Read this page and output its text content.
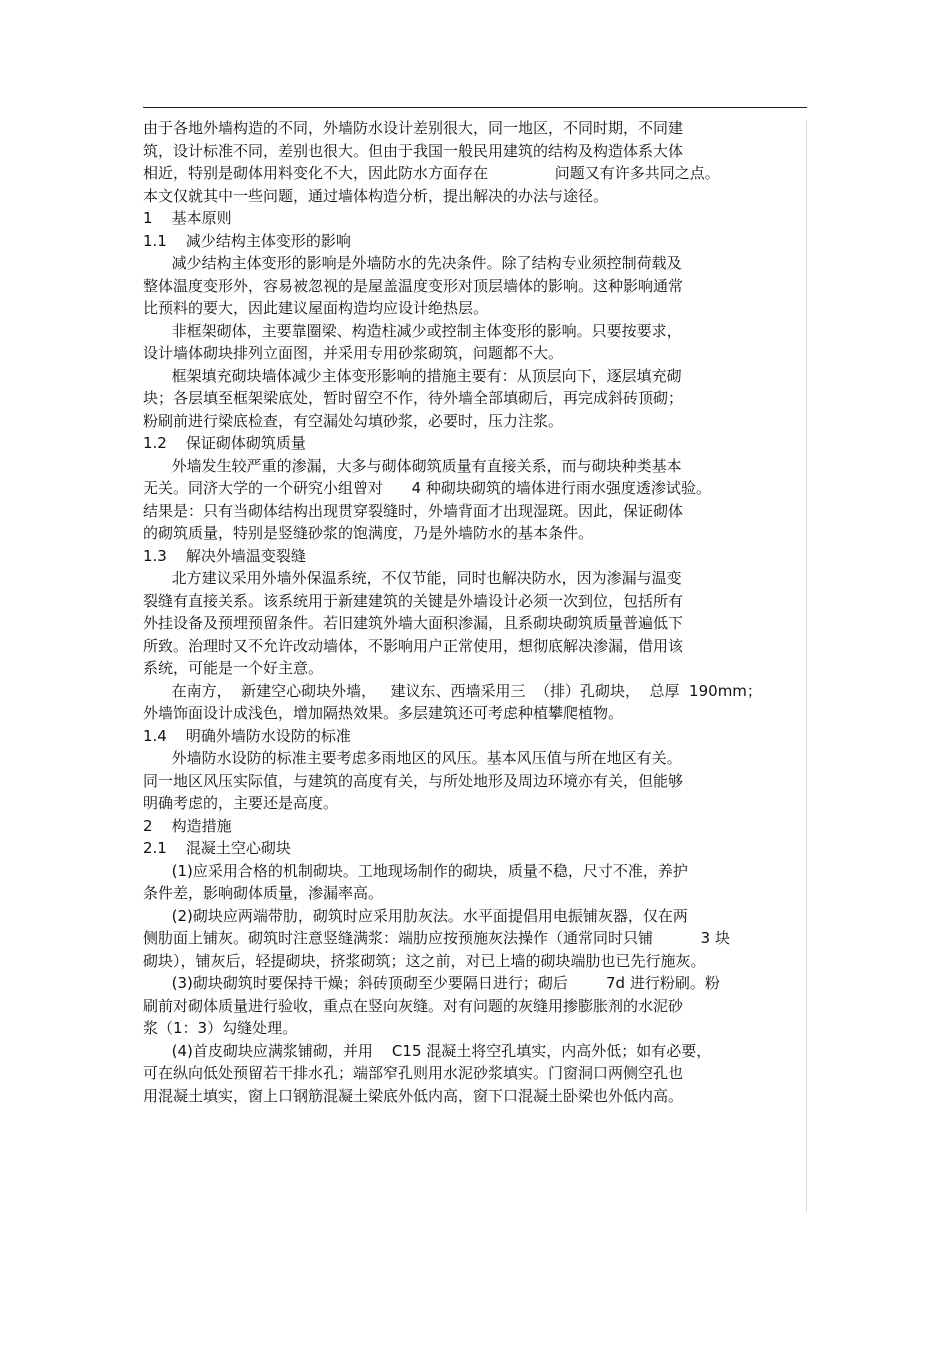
由于各地外墙构造的不同，外墙防水设计差别很大，同一地区，不同时期，不同建
筑，设计标准不同，差别也很大。但由于我国一般民用建筑的结构及构造体系大体
相近，特别是砌体用料变化不大，因此防水方面存在              问题又有许多共同之点。
本文仅就其中一些问题，通过墙体构造分析，提出解决的办法与途径。
1    基本原则
1.1    减少结构主体变形的影响
减少结构主体变形的影响是外墙防水的先决条件。除了结构专业须控制荷载及
整体温度变形外，容易被忽视的是屋盖温度变形对顶层墙体的影响。这种影响通常
比预料的要大，因此建议屋面构造均应设计绝热层。
非框架砌体，主要靠圈梁、构造柱减少或控制主体变形的影响。只要按要求，
设计墙体砌块排列立面图，并采用专用砂浆砌筑，问题都不大。
框架填充砌块墙体减少主体变形影响的措施主要有：从顶层向下，逐层填充砌
块；各层填至框架梁底处，暂时留空不作，待外墙全部填砌后，再完成斜砖顶砌；
粉刷前进行梁底检查，有空漏处勾填砂浆，必要时，压力注浆。
1.2    保证砌体砌筑质量
外墙发生较严重的渗漏，大多与砌体砌筑质量有直接关系，而与砌块种类基本
无关。同济大学的一个研究小组曾对      4 种砌块砌筑的墙体进行雨水强度透渗试验。
结果是：只有当砌体结构出现贯穿裂缝时，外墙背面才出现湿斑。因此，保证砌体
的砌筑质量，特别是竖缝砂浆的饱满度，乃是外墙防水的基本条件。
1.3    解决外墙温变裂缝
北方建议采用外墙外保温系统，不仅节能，同时也解决防水，因为渗漏与温变
裂缝有直接关系。该系统用于新建建筑的关键是外墙设计必须一次到位，包括所有
外挂设备及预埋预留条件。若旧建筑外墙大面积渗漏，且系砌块砌筑质量普遍低下
所致。治理时又不允许改动墙体，不影响用户正常使用，想彻底解决渗漏，借用该
系统，可能是一个好主意。
在南方，  新建空心砌块外墙，   建议东、西墙采用三  （排）孔砌块，  总厚  190mm；
外墙饰面设计成浅色，增加隔热效果。多层建筑还可考虑种植攀爬植物。
1.4    明确外墙防水设防的标准
外墙防水设防的标准主要考虑多雨地区的风压。基本风压值与所在地区有关。
同一地区风压实际值，与建筑的高度有关，与所处地形及周边环境亦有关，但能够
明确考虑的，主要还是高度。
2    构造措施
2.1    混凝土空心砌块
(1)应采用合格的机制砌块。工地现场制作的砌块，质量不稳，尺寸不准，养护
条件差，影响砌体质量，渗漏率高。
(2)砌块应两端带肋，砌筑时应采用肋灰法。水平面提倡用电振铺灰器，仅在两
侧肋面上铺灰。砌筑时注意竖缝满浆：端肋应按预施灰法操作（通常同时只铺          3 块
砌块），铺灰后，轻提砌块，挤浆砌筑；这之前，对已上墙的砌块端肋也已先行施灰。
(3)砌块砌筑时要保持干燥；斜砖顶砌至少要隔日进行；砌后        7d 进行粉刷。粉
刷前对砌体质量进行验收，重点在竖向灰缝。对有问题的灰缝用掺膨胀剂的水泥砂
浆（1：3）勾缝处理。
(4)首皮砌块应满浆铺砌，并用    C15 混凝土将空孔填实，内高外低；如有必要，
可在纵向低处预留若干排水孔；端部窄孔则用水泥砂浆填实。门窗洞口两侧空孔也
用混凝土填实，窗上口钢筋混凝土梁底外低内高，窗下口混凝土卧梁也外低内高。
